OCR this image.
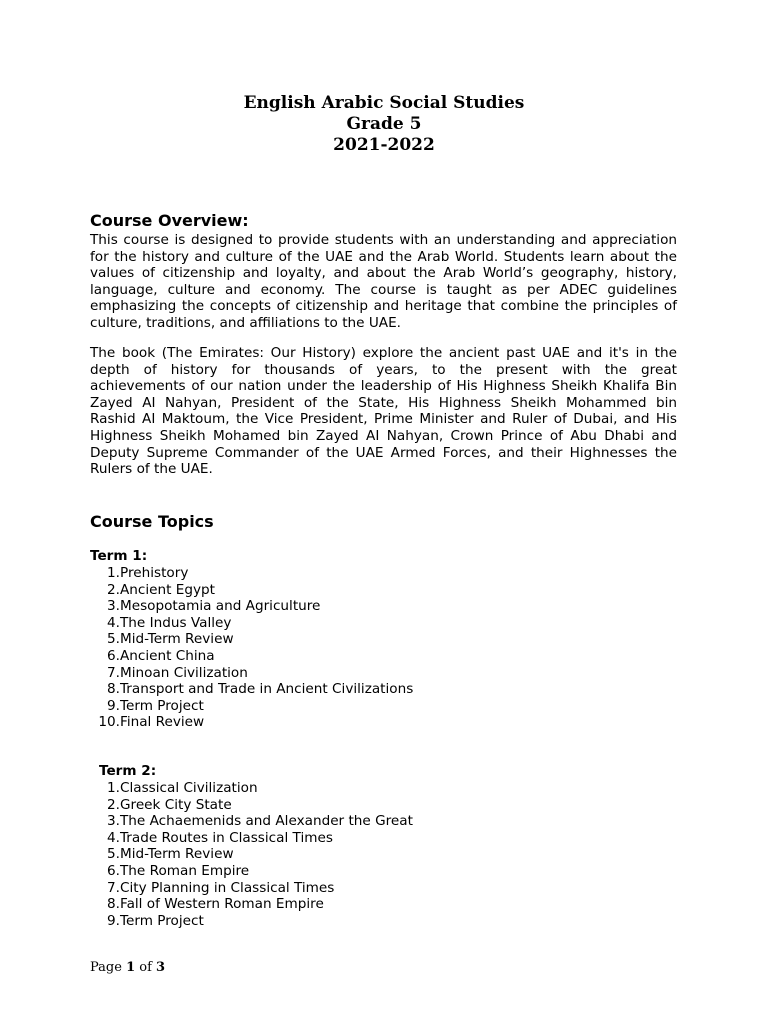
English Arabic Social Studies
Grade 5
2021-2022
Course Overview:
This course is designed to provide students with an understanding and appreciation
for the history and culture of the UAE and the Arab World. Students learn about the
values of citizenship and loyalty, and about the Arab World’s geography, history,
language, culture and economy. The course is taught as per ADEC guidelines
emphasizing the concepts of citizenship and heritage that combine the principles of
culture, traditions, and affiliations to the UAE.
The book (The Emirates: Our History) explore the ancient past UAE and it's in the
depth of history for thousands of years, to the present with the great
achievements of our nation under the leadership of His Highness Sheikh Khalifa Bin
Zayed AI Nahyan, President of the State, His Highness Sheikh Mohammed bin
Rashid AI Maktoum, the Vice President, Prime Minister and Ruler of Dubai, and His
Highness Sheikh Mohamed bin Zayed AI Nahyan, Crown Prince of Abu Dhabi and
Deputy Supreme Commander of the UAE Armed Forces, and their Highnesses the
Rulers of the UAE.
Course Topics
Term 1:
1. Prehistory
2. Ancient Egypt
3. Mesopotamia and Agriculture
4. The Indus Valley
5. Mid-Term Review
6. Ancient China
7. Minoan Civilization
8. Transport and Trade in Ancient Civilizations
9. Term Project
10. Final Review
Term 2:
1. Classical Civilization
2. Greek City State
3. The Achaemenids and Alexander the Great
4. Trade Routes in Classical Times
5. Mid-Term Review
6. The Roman Empire
7. City Planning in Classical Times
8. Fall of Western Roman Empire
9. Term Project
Page 1 of 3
